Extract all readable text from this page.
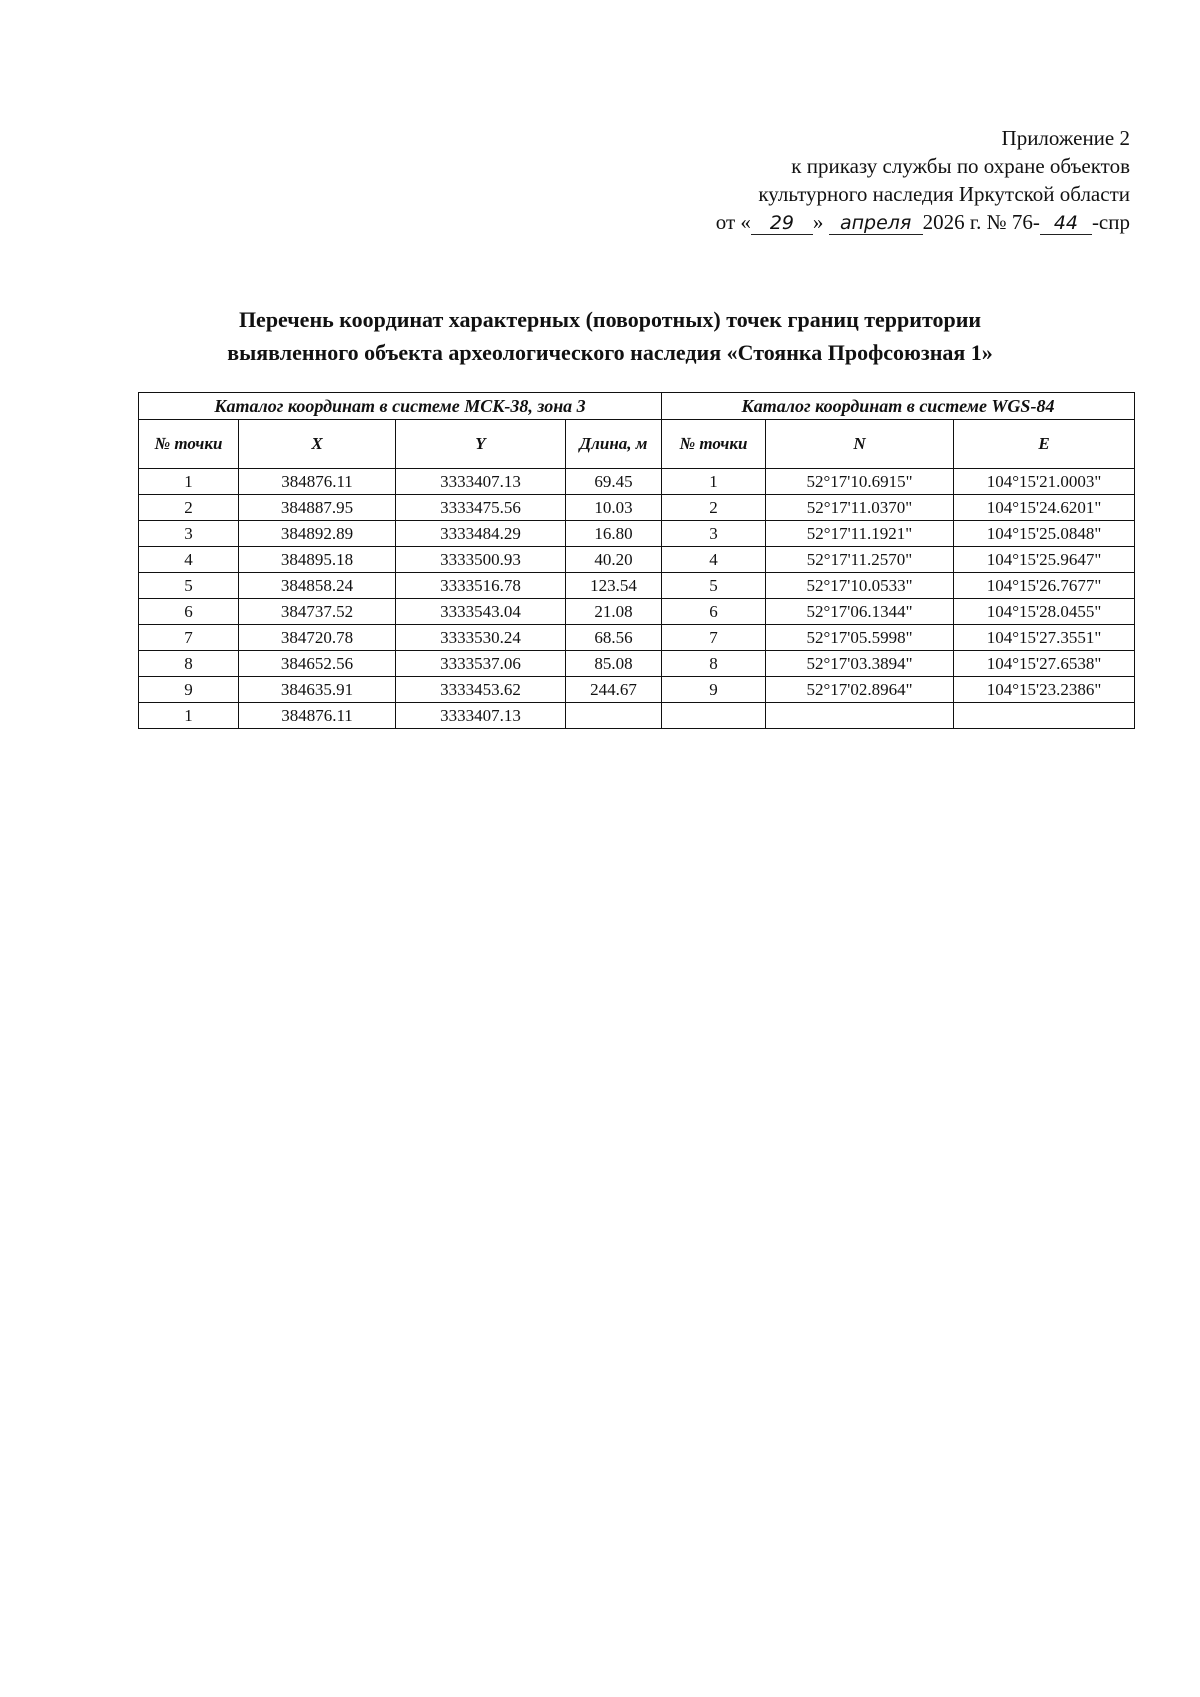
Приложение 2
к приказу службы по охране объектов
культурного наследия Иркутской области
от « 29 » апреля 2026 г. № 76- 44 -спр
Перечень координат характерных (поворотных) точек границ территории
выявленного объекта археологического наследия «Стоянка Профсоюзная 1»
Каталог координат в системе МСК-38, зона 3				Каталог координат в системе WGS-84		
№ точки	X	Y	Длина, м	№ точки	N	E
1	384876.11	3333407.13	69.45	1	52°17'10.6915"	104°15'21.0003"
2	384887.95	3333475.56	10.03	2	52°17'11.0370"	104°15'24.6201"
3	384892.89	3333484.29	16.80	3	52°17'11.1921"	104°15'25.0848"
4	384895.18	3333500.93	40.20	4	52°17'11.2570"	104°15'25.9647"
5	384858.24	3333516.78	123.54	5	52°17'10.0533"	104°15'26.7677"
6	384737.52	3333543.04	21.08	6	52°17'06.1344"	104°15'28.0455"
7	384720.78	3333530.24	68.56	7	52°17'05.5998"	104°15'27.3551"
8	384652.56	3333537.06	85.08	8	52°17'03.3894"	104°15'27.6538"
9	384635.91	3333453.62	244.67	9	52°17'02.8964"	104°15'23.2386"
1	384876.11	3333407.13				
